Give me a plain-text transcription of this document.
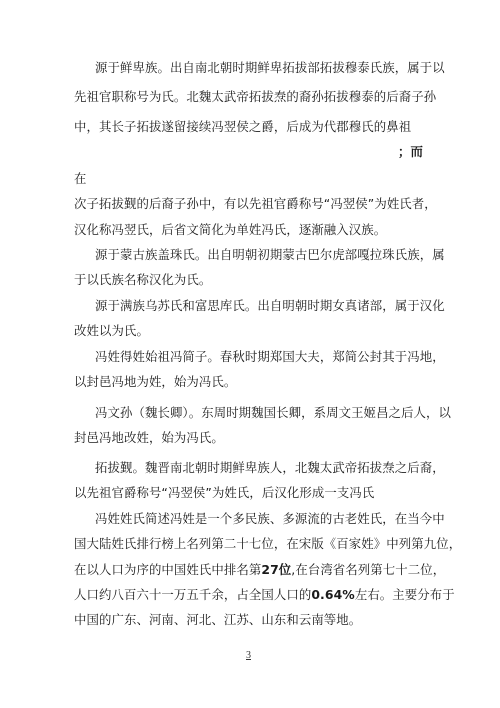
源于鲜卑族。出自南北朝时期鲜卑拓拔部拓拔穆泰氏族，属于以
先祖官职称号为氏。北魏太武帝拓拔焘的裔孙拓拔穆泰的后裔子孙
中，其长子拓拔遂留接续冯翌侯之爵，后成为代郡穆氏的鼻祖
；而
在
次子拓拔觐的后裔子孙中，有以先祖官爵称号“冯翌侯”为姓氏者，
汉化称冯翌氏，后省文简化为单姓冯氏，逐渐融入汉族。
源于蒙古族盖珠氏。出自明朝初期蒙古巴尔虎部嘎拉珠氏族，属
于以氏族名称汉化为氏。
源于满族乌苏氏和富思库氏。出自明朝时期女真诸部，属于汉化
改姓以为氏。
冯姓得姓始祖冯简子。春秋时期郑国大夫，郑简公封其于冯地，
以封邑冯地为姓，始为冯氏。
冯文孙（魏长卿）。东周时期魏国长卿，系周文王姬昌之后人，以
封邑冯地改姓，始为冯氏。
拓拔觐。魏晋南北朝时期鲜卑族人，北魏太武帝拓拔焘之后裔，
以先祖官爵称号“冯翌侯”为姓氏，后汉化形成一支冯氏
冯姓姓氏简述冯姓是一个多民族、多源流的古老姓氏，在当今中
国大陆姓氏排行榜上名列第二十七位，在宋版《百家姓》中列第九位，
在以人口为序的中国姓氏中排名第27位,在台湾省名列第七十二位，
人口约八百六十一万五千余，占全国人口的0.64%左右。主要分布于
中国的广东、河南、河北、江苏、山东和云南等地。
3
